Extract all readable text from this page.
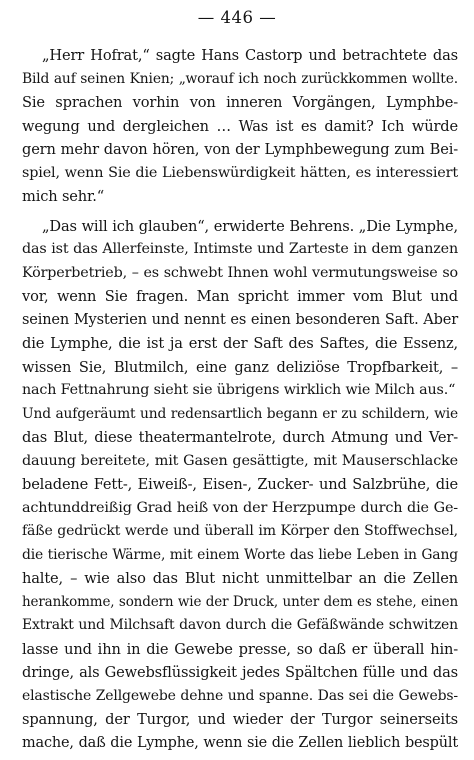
— 446 —
„Herr Hofrat,“ sagte Hans Castorp und betrachtete das
Bild auf seinen Knien; „worauf ich noch zurückkommen wollte.
Sie sprachen vorhin von inneren Vorgängen, Lymphbe-
wegung und dergleichen … Was ist es damit? Ich würde
gern mehr davon hören, von der Lymphbewegung zum Bei-
spiel, wenn Sie die Liebenswürdigkeit hätten, es interessiert
mich sehr.“
„Das will ich glauben“, erwiderte Behrens. „Die Lymphe,
das ist das Allerfeinste, Intimste und Zarteste in dem ganzen
Körperbetrieb, – es schwebt Ihnen wohl vermutungsweise so
vor, wenn Sie fragen. Man spricht immer vom Blut und
seinen Mysterien und nennt es einen besonderen Saft. Aber
die Lymphe, die ist ja erst der Saft des Saftes, die Essenz,
wissen Sie, Blutmilch, eine ganz deliziöse Tropfbarkeit, –
nach Fettnahrung sieht sie übrigens wirklich wie Milch aus.“
Und aufgeräumt und redensartlich begann er zu schildern, wie
das Blut, diese theatermantelrote, durch Atmung und Ver-
dauung bereitete, mit Gasen gesättigte, mit Mauserschlacke
beladene Fett-, Eiweiß-, Eisen-, Zucker- und Salzbrühe, die
achtunddreißig Grad heiß von der Herzpumpe durch die Ge-
fäße gedrückt werde und überall im Körper den Stoffwechsel,
die tierische Wärme, mit einem Worte das liebe Leben in Gang
halte, – wie also das Blut nicht unmittelbar an die Zellen
herankomme, sondern wie der Druck, unter dem es stehe, einen
Extrakt und Milchsaft davon durch die Gefäßwände schwitzen
lasse und ihn in die Gewebe presse, so daß er überall hin-
dringe, als Gewebsflüssigkeit jedes Spältchen fülle und das
elastische Zellgewebe dehne und spanne. Das sei die Gewebs-
spannung, der Turgor, und wieder der Turgor seinerseits
mache, daß die Lymphe, wenn sie die Zellen lieblich bespült
